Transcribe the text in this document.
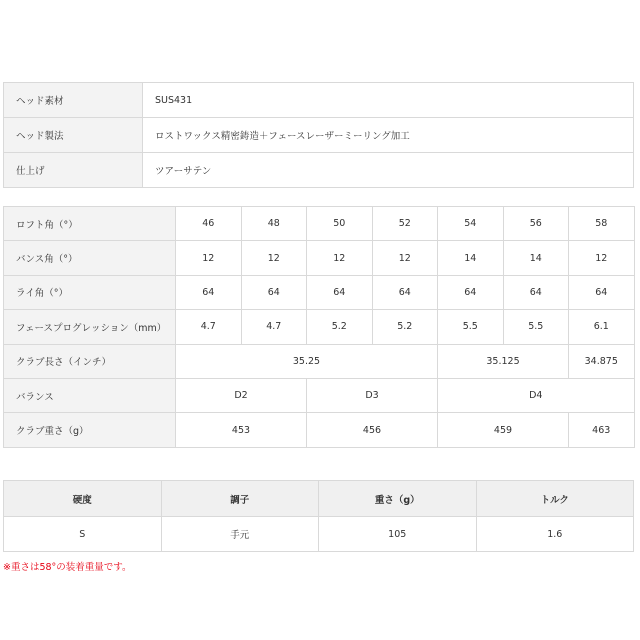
ヘッド素材	SUS431
ヘッド製法	ロストワックス精密鋳造＋フェースレーザーミーリング加工
仕上げ	ツアーサテン
ロフト角（°）	46	48	50	52	54	56	58
バンス角（°）	12	12	12	12	14	14	12
ライ角（°）	64	64	64	64	64	64	64
フェースプログレッション（mm）	4.7	4.7	5.2	5.2	5.5	5.5	6.1
クラブ長さ（インチ）	35.25				35.125		34.875
バランス	D2		D3		D4		
クラブ重さ（g）	453		456		459		463
硬度	調子	重さ（g）	トルク
S	手元	105	1.6
※重さは58°の装着重量です。
